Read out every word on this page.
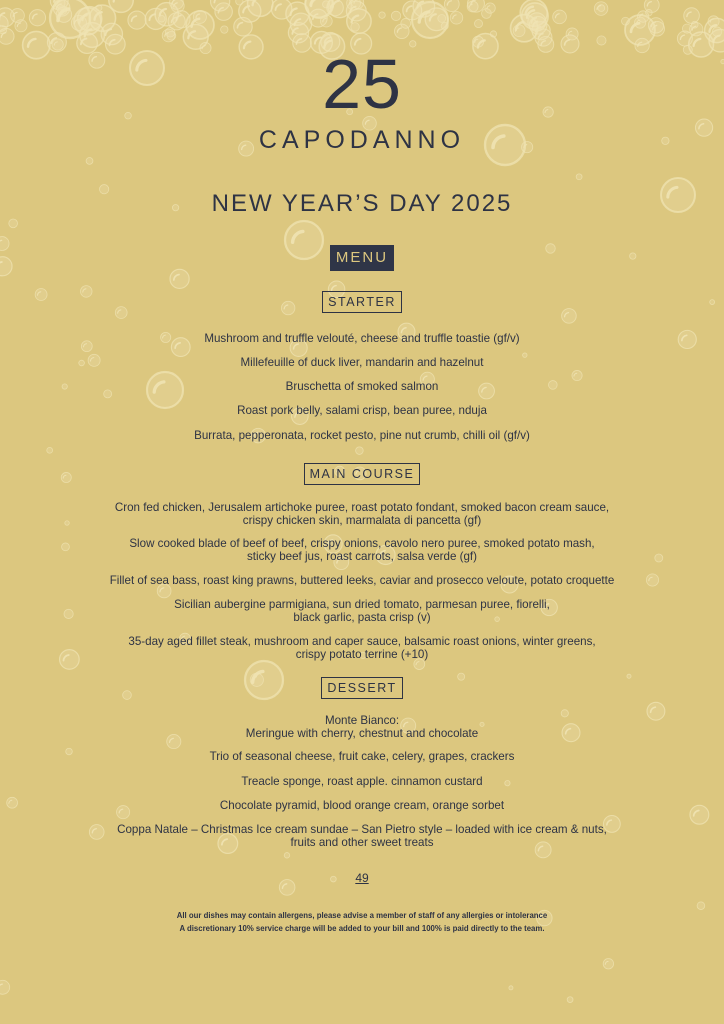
25
CAPODANNO
NEW YEAR’S DAY 2025
MENU
STARTER
Mushroom and truffle velouté, cheese and truffle toastie (gf/v)
Millefeuille of duck liver, mandarin and hazelnut
Bruschetta of smoked salmon
Roast pork belly, salami crisp, bean puree, nduja
Burrata, pepperonata, rocket pesto, pine nut crumb, chilli oil (gf/v)
MAIN COURSE
Cron fed chicken, Jerusalem artichoke puree, roast potato fondant, smoked bacon cream sauce,
crispy chicken skin, marmalata di pancetta (gf)
Slow cooked blade of beef of beef, crispy onions, cavolo nero puree, smoked potato mash,
sticky beef jus, roast carrots, salsa verde (gf)
Fillet of sea bass, roast king prawns, buttered leeks, caviar and prosecco veloute, potato croquette
Sicilian aubergine parmigiana, sun dried tomato, parmesan puree, fiorelli,
black garlic, pasta crisp (v)
35-day aged fillet steak, mushroom and caper sauce, balsamic roast onions, winter greens,
crispy potato terrine (+10)
DESSERT
Monte Bianco:
Meringue with cherry, chestnut and chocolate
Trio of seasonal cheese, fruit cake, celery, grapes, crackers
Treacle sponge, roast apple. cinnamon custard
Chocolate pyramid, blood orange cream, orange sorbet
Coppa Natale – Christmas Ice cream sundae – San Pietro style – loaded with ice cream & nuts,
fruits and other sweet treats
49
All our dishes may contain allergens, please advise a member of staff of any allergies or intolerance
A discretionary 10% service charge will be added to your bill and 100% is paid directly to the team.
